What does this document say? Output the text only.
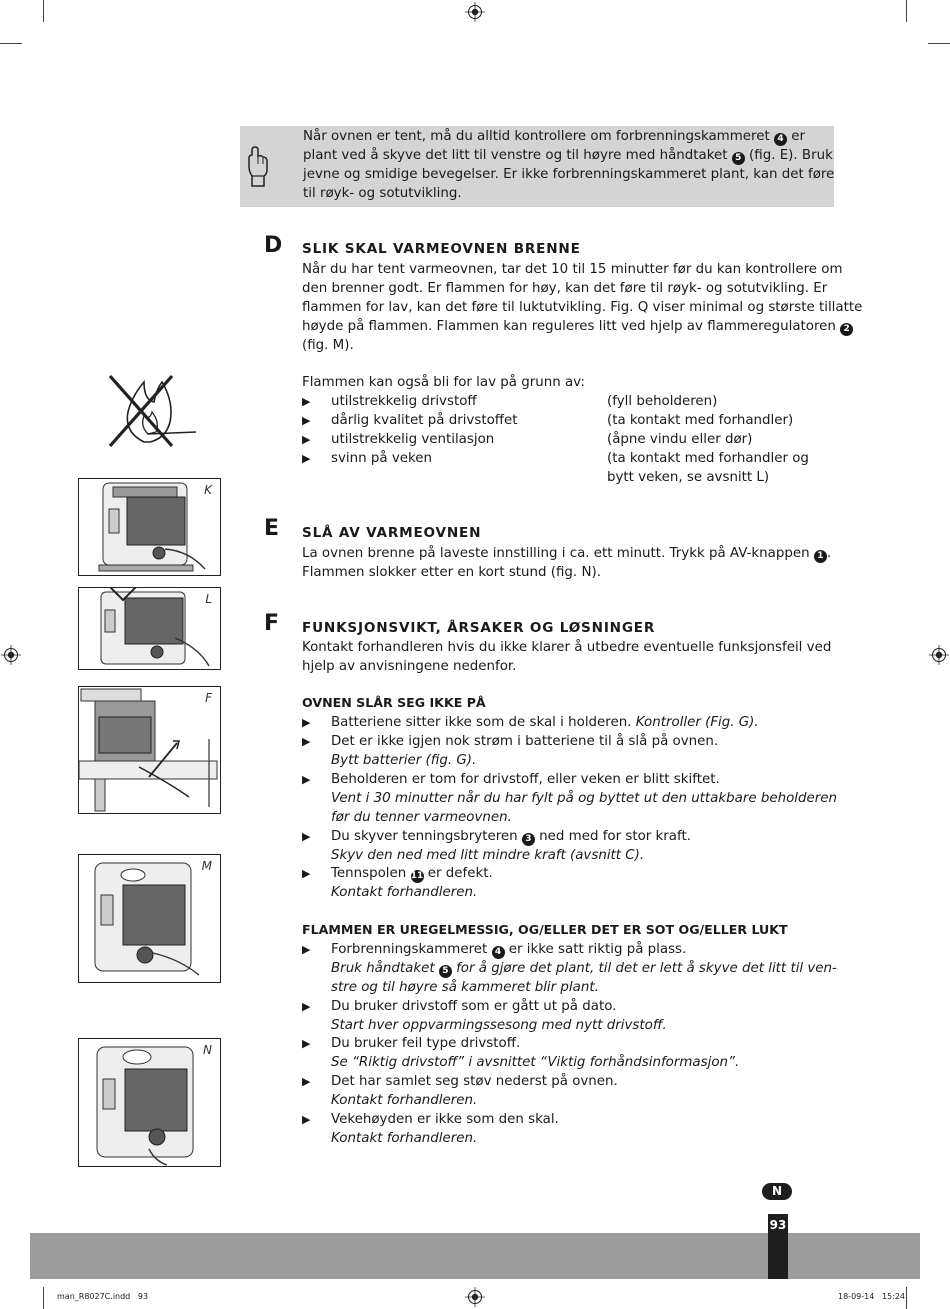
Når ovnen er tent, må du alltid kontrollere om forbrenningskammeret 4 er
plant ved å skyve det litt til venstre og til høyre med håndtaket 5 (fig. E). Bruk
jevne og smidige bevegelser. Er ikke forbrenningskammeret plant, kan det føre
til røyk- og sotutvikling.
D SLIK SKAL VARMEOVNEN BRENNE
Når du har tent varmeovnen, tar det 10 til 15 minutter før du kan kontrollere om
den brenner godt. Er flammen for høy, kan det føre til røyk- og sotutvikling. Er
flammen for lav, kan det føre til luktutvikling. Fig. Q viser minimal og største tillatte
høyde på flammen. Flammen kan reguleres litt ved hjelp av flammeregulatoren 2
(fig. M).
Flammen kan også bli for lav på grunn av:
▶ utilstrekkelig drivstoff	(fyll beholderen)
▶ dårlig kvalitet på drivstoffet	(ta kontakt med forhandler)
▶ utilstrekkelig ventilasjon	(åpne vindu eller dør)
▶ svinn på veken	(ta kontakt med forhandler og
bytt veken, se avsnitt L)
E SLÅ AV VARMEOVNEN
La ovnen brenne på laveste innstilling i ca. ett minutt. Trykk på AV-knappen 1 .
Flammen slokker etter en kort stund (fig. N).
F FUNKSJONSVIKT, ÅRSAKER OG LØSNINGER
Kontakt forhandleren hvis du ikke klarer å utbedre eventuelle funksjonsfeil ved
hjelp av anvisningene nedenfor.
OVNEN SLÅR SEG IKKE PÅ
▶ Batteriene sitter ikke som de skal i holderen. Kontroller (Fig. G).
▶ Det er ikke igjen nok strøm i batteriene til å slå på ovnen.
Bytt batterier (fig. G).
▶ Beholderen er tom for drivstoff, eller veken er blitt skiftet.
Vent i 30 minutter når du har fylt på og byttet ut den uttakbare beholderen
før du tenner varmeovnen.
▶ Du skyver tenningsbryteren 3 ned med for stor kraft.
Skyv den ned med litt mindre kraft (avsnitt C).
▶ Tennspolen 11 er defekt.
Kontakt forhandleren.
FLAMMEN ER UREGELMESSIG, OG/ELLER DET ER SOT OG/ELLER LUKT
▶ Forbrenningskammeret 4 er ikke satt riktig på plass.
Bruk håndtaket 5 for å gjøre det plant, til det er lett å skyve det litt til ven-
stre og til høyre så kammeret blir plant.
▶ Du bruker drivstoff som er gått ut på dato.
Start hver oppvarmingssesong med nytt drivstoff.
▶ Du bruker feil type drivstoff.
Se “Riktig drivstoff” i avsnittet “Viktig forhåndsinformasjon”.
▶ Det har samlet seg støv nederst på ovnen.
Kontakt forhandleren.
▶ Vekehøyden er ikke som den skal.
Kontakt forhandleren.
K
L
F
M
N
N
93
man_R8027C.indd   93	18-09-14   15:24
